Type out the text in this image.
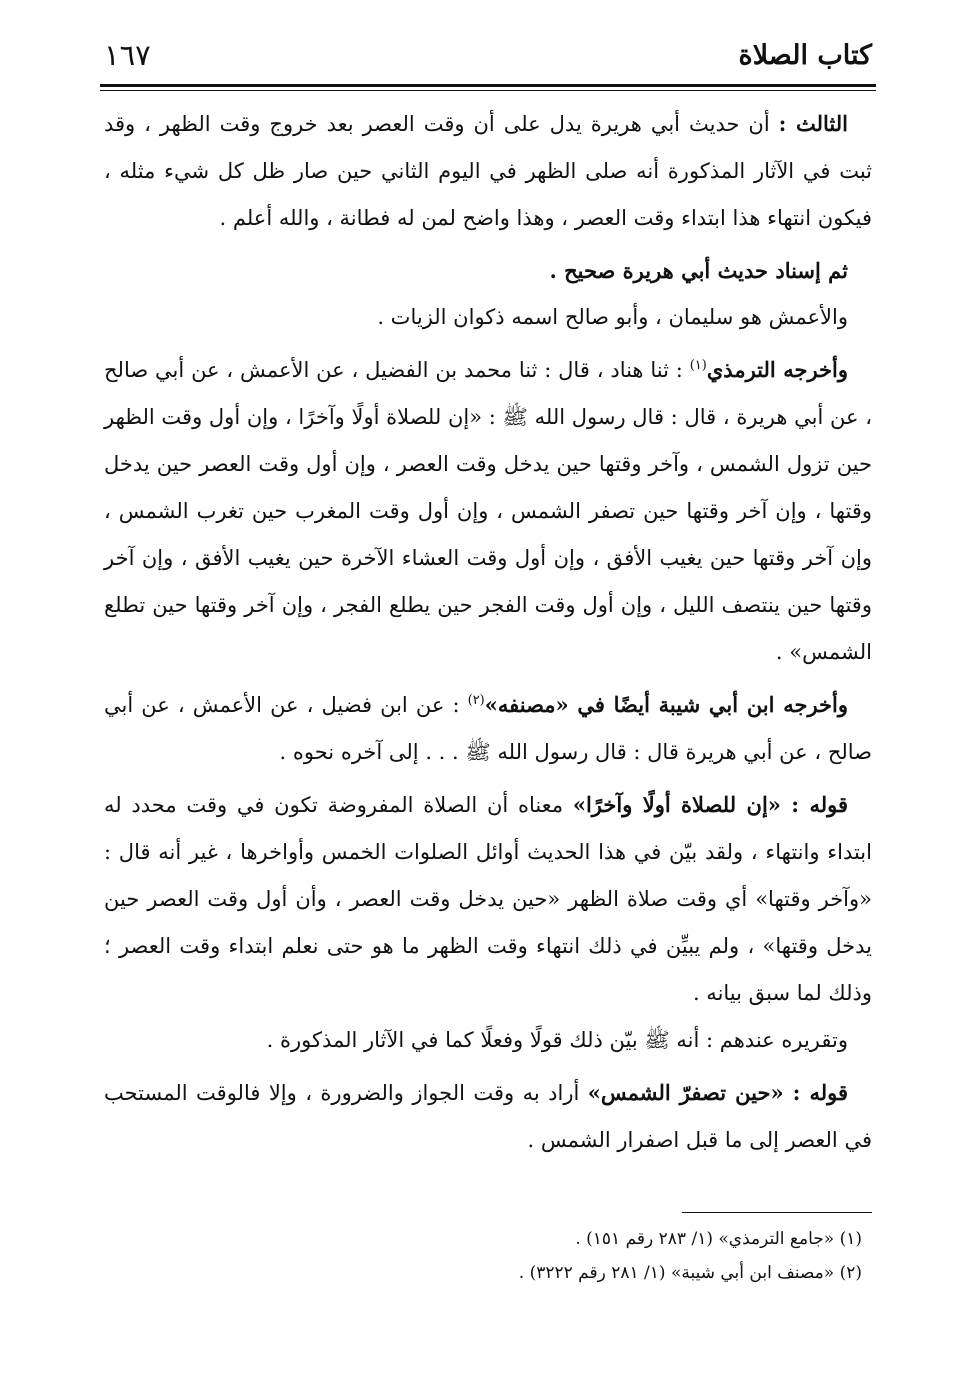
كتاب الصلاة
١٦٧

الثالث : أن حديث أبي هريرة يدل على أن وقت العصر بعد خروج وقت الظهر ، وقد ثبت في الآثار المذكورة أنه صلى الظهر في اليوم الثاني حين صار ظل كل شيء مثله ، فيكون انتهاء هذا ابتداء وقت العصر ، وهذا واضح لمن له فطانة ، والله أعلم .

ثم إسناد حديث أبي هريرة صحيح .

والأعمش هو سليمان ، وأبو صالح اسمه ذكوان الزيات .

وأخرجه الترمذي$^{(١)}$ : ثنا هناد ، قال : ثنا محمد بن الفضيل ، عن الأعمش ، عن أبي صالح ، عن أبي هريرة ، قال : قال رسول الله ﷺ : «إن للصلاة أولًا وآخرًا ، وإن أول وقت الظهر حين تزول الشمس ، وآخر وقتها حين يدخل وقت العصر ، وإن أول وقت العصر حين يدخل وقتها ، وإن آخر وقتها حين تصفر الشمس ، وإن أول وقت المغرب حين تغرب الشمس ، وإن آخر وقتها حين يغيب الأفق ، وإن أول وقت العشاء الآخرة حين يغيب الأفق ، وإن آخر وقتها حين ينتصف الليل ، وإن أول وقت الفجر حين يطلع الفجر ، وإن آخر وقتها حين تطلع الشمس» .

وأخرجه ابن أبي شيبة أيضًا في «مصنفه»$^{(٢)}$ : عن ابن فضيل ، عن الأعمش ، عن أبي صالح ، عن أبي هريرة قال : قال رسول الله ﷺ . . . إلى آخره نحوه .

قوله : «إن للصلاة أولًا وآخرًا» معناه أن الصلاة المفروضة تكون في وقت محدد له ابتداء وانتهاء ، ولقد بيّن في هذا الحديث أوائل الصلوات الخمس وأواخرها ، غير أنه قال : «وآخر وقتها» أي وقت صلاة الظهر «حين يدخل وقت العصر ، وأن أول وقت العصر حين يدخل وقتها» ، ولم يبيِّن في ذلك انتهاء وقت الظهر ما هو حتى نعلم ابتداء وقت العصر ؛ وذلك لما سبق بيانه .

وتقريره عندهم : أنه ﷺ بيّن ذلك قولًا وفعلًا كما في الآثار المذكورة .

قوله : «حين تصفرّ الشمس» أراد به وقت الجواز والضرورة ، وإلا فالوقت المستحب في العصر إلى ما قبل اصفرار الشمس .

(١) «جامع الترمذي» (١/ ٢٨٣ رقم ١٥١) .

(٢) «مصنف ابن أبي شيبة» (١/ ٢٨١ رقم ٣٢٢٢) .
